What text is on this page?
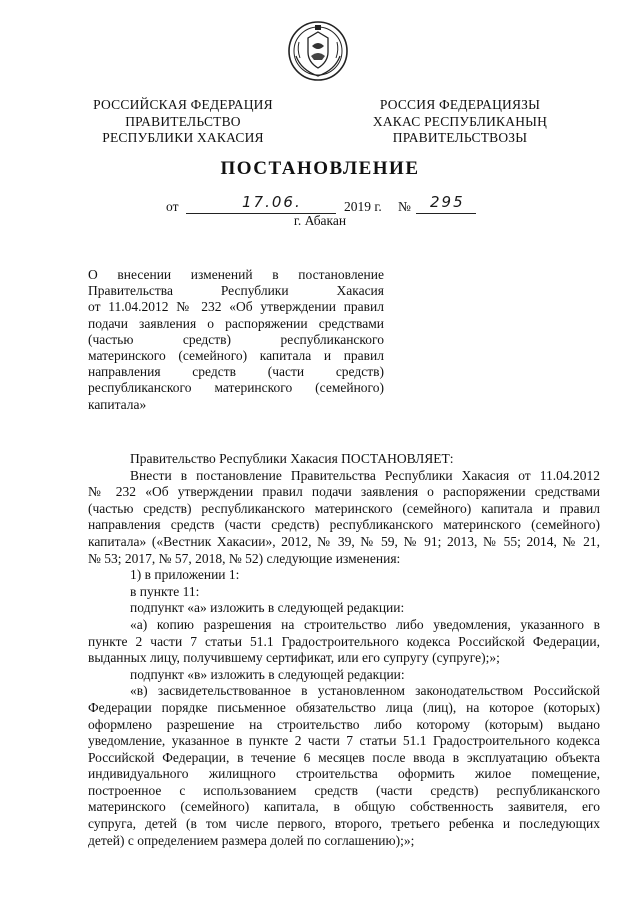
РОССИЙСКАЯ ФЕДЕРАЦИЯ
ПРАВИТЕЛЬСТВО
РЕСПУБЛИКИ ХАКАСИЯ
РОССИЯ ФЕДЕРАЦИЯЗЫ
ХАКАС РЕСПУБЛИКАНЫҢ
ПРАВИТЕЛЬСТВОЗЫ
ПОСТАНОВЛЕНИЕ
от	17.06.	2019 г. № 295
г. Абакан
О внесении изменений в постановление
Правительства Республики Хакасия
от 11.04.2012 № 232 «Об утверждении правил
подачи заявления о распоряжении средствами
(частью средств) республиканского
материнского (семейного) капитала и правил
направления средств (части средств)
республиканского материнского (семейного)
капитала»
Правительство Республики Хакасия ПОСТАНОВЛЯЕТ:
Внести в постановление Правительства Республики Хакасия от 11.04.2012
№ 232 «Об утверждении правил подачи заявления о распоряжении средствами
(частью средств) республиканского материнского (семейного) капитала и правил
направления средств (части средств) республиканского материнского (семейного)
капитала» («Вестник Хакасии», 2012, № 39, № 59, № 91; 2013, № 55; 2014, № 21,
№ 53; 2017, № 57, 2018, № 52) следующие изменения:
1) в приложении 1:
в пункте 11:
подпункт «а» изложить в следующей редакции:
«а) копию разрешения на строительство либо уведомления, указанного в
пункте 2 части 7 статьи 51.1 Градостроительного кодекса Российской Федерации,
выданных лицу, получившему сертификат, или его супругу (супруге);»;
подпункт «в» изложить в следующей редакции:
«в) засвидетельствованное в установленном законодательством Российской
Федерации порядке письменное обязательство лица (лиц), на которое (которых)
оформлено разрешение на строительство либо которому (которым) выдано
уведомление, указанное в пункте 2 части 7 статьи 51.1 Градостроительного кодекса
Российской Федерации, в течение 6 месяцев после ввода в эксплуатацию объекта
индивидуального жилищного строительства оформить жилое помещение,
построенное с использованием средств (части средств) республиканского
материнского (семейного) капитала, в общую собственность заявителя, его
супруга, детей (в том числе первого, второго, третьего ребенка и последующих
детей) с определением размера долей по соглашению);»;
